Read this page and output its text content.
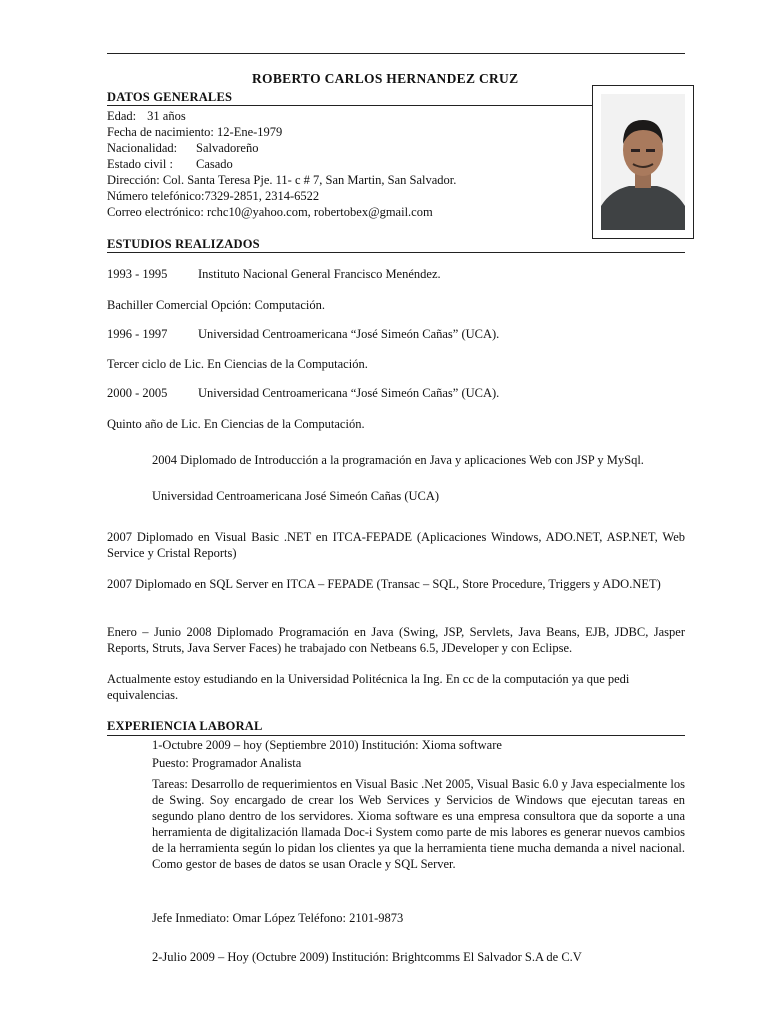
ROBERTO CARLOS HERNANDEZ CRUZ
DATOS GENERALES
Edad: 31 años
Fecha de nacimiento: 12-Ene-1979
Nacionalidad: Salvadoreño
Estado civil : Casado
Dirección: Col. Santa Teresa Pje. 11- c # 7, San Martin, San Salvador.
Número telefónico:7329-2851, 2314-6522
Correo electrónico: rchc10@yahoo.com, robertobex@gmail.com
ESTUDIOS REALIZADOS
1993 - 1995 Instituto Nacional General Francisco Menéndez.
Bachiller Comercial Opción: Computación.
1996 - 1997 Universidad Centroamericana “José Simeón Cañas” (UCA).
Tercer ciclo de Lic. En Ciencias de la Computación.
2000 - 2005 Universidad Centroamericana “José Simeón Cañas” (UCA).
Quinto año de Lic. En Ciencias de la Computación.
2004 Diplomado de Introducción a la programación en Java y aplicaciones Web con JSP y MySql.
Universidad Centroamericana José Simeón Cañas (UCA)
2007 Diplomado en Visual Basic .NET en ITCA-FEPADE (Aplicaciones Windows, ADO.NET, ASP.NET, Web Service y Cristal Reports)
2007 Diplomado en SQL Server en ITCA – FEPADE (Transac – SQL, Store Procedure, Triggers y ADO.NET)
Enero – Junio 2008 Diplomado Programación en Java (Swing, JSP, Servlets, Java Beans, EJB, JDBC, Jasper Reports, Struts, Java Server Faces) he trabajado con Netbeans 6.5, JDeveloper y con Eclipse.
Actualmente estoy estudiando en la Universidad Politécnica la Ing. En cc de la computación ya que pedi equivalencias.
EXPERIENCIA LABORAL
1-Octubre 2009 – hoy (Septiembre 2010) Institución: Xioma software
Puesto: Programador Analista
Tareas: Desarrollo de requerimientos en Visual Basic .Net 2005, Visual Basic 6.0 y Java especialmente los de Swing. Soy encargado de crear los Web Services y Servicios de Windows que ejecutan tareas en segundo plano dentro de los servidores. Xioma software es una empresa consultora que da soporte a una herramienta de digitalización llamada Doc-i System como parte de mis labores es generar nuevos cambios de la herramienta según lo pidan los clientes ya que la herramienta tiene mucha demanda a nivel nacional. Como gestor de bases de datos se usan Oracle y SQL Server.
Jefe Inmediato: Omar López Teléfono: 2101-9873
2-Julio 2009 – Hoy (Octubre 2009) Institución: Brightcomms El Salvador S.A de C.V
